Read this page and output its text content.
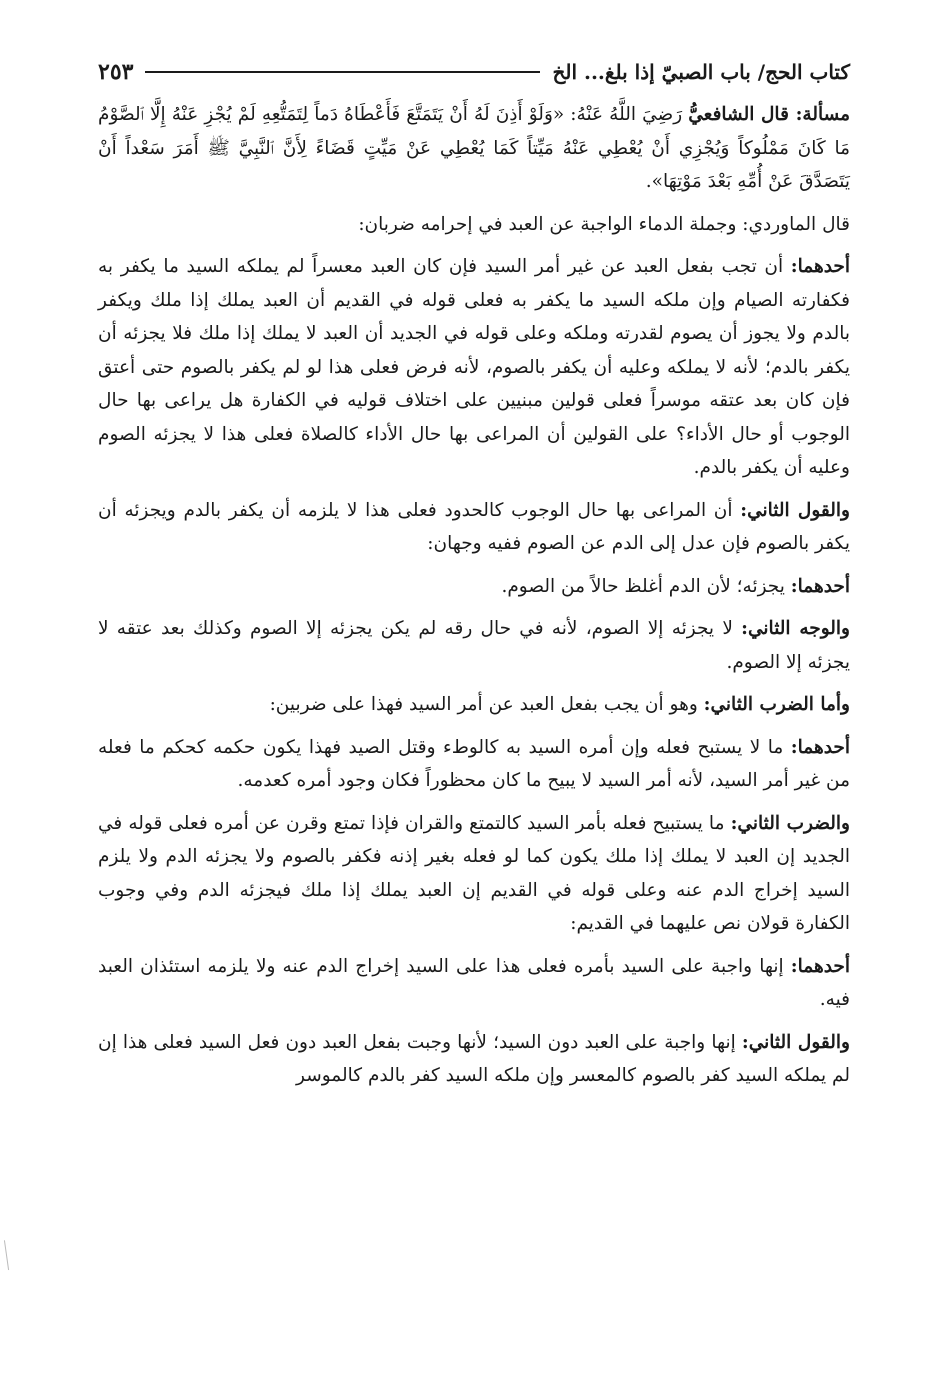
كتاب الحج/ باب الصبيّ إذا بلغ... الخ
٢٥٣

مسألة: قال الشافعيُّ رَضِيَ اللَّهُ عَنْهُ: «وَلَوْ أَذِنَ لَهُ أَنْ يَتَمَتَّعَ فَأَعْطَاهُ دَماً لِتَمَتُّعِهِ لَمْ يُجْزِ عَنْهُ إِلَّا ٱلصَّوْمُ مَا كَانَ مَمْلُوكاً وَيُجْزِي أَنْ يُعْطِي عَنْهُ مَيِّتاً كَمَا يُعْطِي عَنْ مَيِّتٍ قَضَاءً لِأَنَّ ٱلنَّبِيَّ ﷺ أَمَرَ سَعْداً أَنْ يَتَصَدَّقَ عَنْ أُمِّهِ بَعْدَ مَوْتِهَا».

قال الماوردي: وجملة الدماء الواجبة عن العبد في إحرامه ضربان:

أحدهما: أن تجب بفعل العبد عن غير أمر السيد فإن كان العبد معسراً لم يملكه السيد ما يكفر به فكفارته الصيام وإن ملكه السيد ما يكفر به فعلى قوله في القديم أن العبد يملك إذا ملك ويكفر بالدم ولا يجوز أن يصوم لقدرته وملكه وعلى قوله في الجديد أن العبد لا يملك إذا ملك فلا يجزئه أن يكفر بالدم؛ لأنه لا يملكه وعليه أن يكفر بالصوم، لأنه فرض فعلى هذا لو لم يكفر بالصوم حتى أعتق فإن كان بعد عتقه موسراً فعلى قولين مبنيين على اختلاف قوليه في الكفارة هل يراعى بها حال الوجوب أو حال الأداء؟ على القولين أن المراعى بها حال الأداء كالصلاة فعلى هذا لا يجزئه الصوم وعليه أن يكفر بالدم.

والقول الثاني: أن المراعى بها حال الوجوب كالحدود فعلى هذا لا يلزمه أن يكفر بالدم ويجزئه أن يكفر بالصوم فإن عدل إلى الدم عن الصوم ففيه وجهان:

أحدهما: يجزئه؛ لأن الدم أغلظ حالاً من الصوم.

والوجه الثاني: لا يجزئه إلا الصوم، لأنه في حال رقه لم يكن يجزئه إلا الصوم وكذلك بعد عتقه لا يجزئه إلا الصوم.

وأما الضرب الثاني: وهو أن يجب بفعل العبد عن أمر السيد فهذا على ضربين:

أحدهما: ما لا يستبح فعله وإن أمره السيد به كالوطء وقتل الصيد فهذا يكون حكمه كحكم ما فعله من غير أمر السيد، لأنه أمر السيد لا يبيح ما كان محظوراً فكان وجود أمره كعدمه.

والضرب الثاني: ما يستبيح فعله بأمر السيد كالتمتع والقران فإذا تمتع وقرن عن أمره فعلى قوله في الجديد إن العبد لا يملك إذا ملك يكون كما لو فعله بغير إذنه فكفر بالصوم ولا يجزئه الدم ولا يلزم السيد إخراج الدم عنه وعلى قوله في القديم إن العبد يملك إذا ملك فيجزئه الدم وفي وجوب الكفارة قولان نص عليهما في القديم:

أحدهما: إنها واجبة على السيد بأمره فعلى هذا على السيد إخراج الدم عنه ولا يلزمه استئذان العبد فيه.

والقول الثاني: إنها واجبة على العبد دون السيد؛ لأنها وجبت بفعل العبد دون فعل السيد فعلى هذا إن لم يملكه السيد كفر بالصوم كالمعسر وإن ملكه السيد كفر بالدم كالموسر
